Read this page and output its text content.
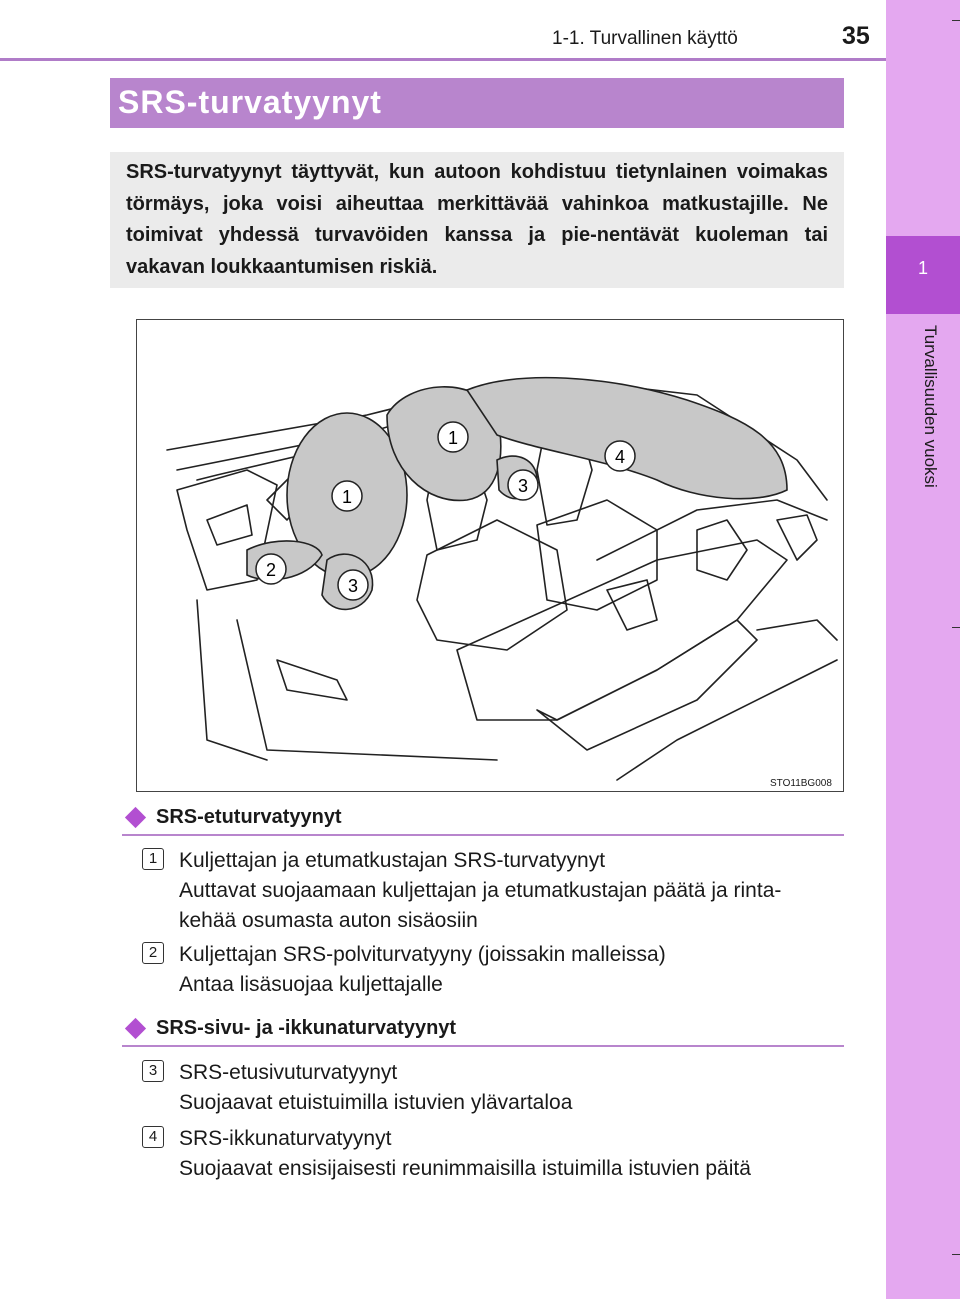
1-1. Turvallinen käyttö	35
1
Turvallisuuden vuoksi
SRS-turvatyynyt
SRS-turvatyynyt täyttyvät, kun autoon kohdistuu tietynlainen voimakas törmäys, joka voisi aiheuttaa merkittävää vahinkoa matkustajille. Ne toimivat yhdessä turvavöiden kanssa ja pie-nentävät kuoleman tai vakavan loukkaantumisen riskiä.
1
1
2
3
3
4
STO11BG008
SRS-etuturvatyynyt
1	Kuljettajan ja etumatkustajan SRS-turvatyynyt
Auttavat suojaamaan kuljettajan ja etumatkustajan päätä ja rinta-
kehää osumasta auton sisäosiin
2	Kuljettajan SRS-polviturvatyyny (joissakin malleissa)
Antaa lisäsuojaa kuljettajalle
SRS-sivu- ja -ikkunaturvatyynyt
3	SRS-etusivuturvatyynyt
Suojaavat etuistuimilla istuvien ylävartaloa
4	SRS-ikkunaturvatyynyt
Suojaavat ensisijaisesti reunimmaisilla istuimilla istuvien päitä
